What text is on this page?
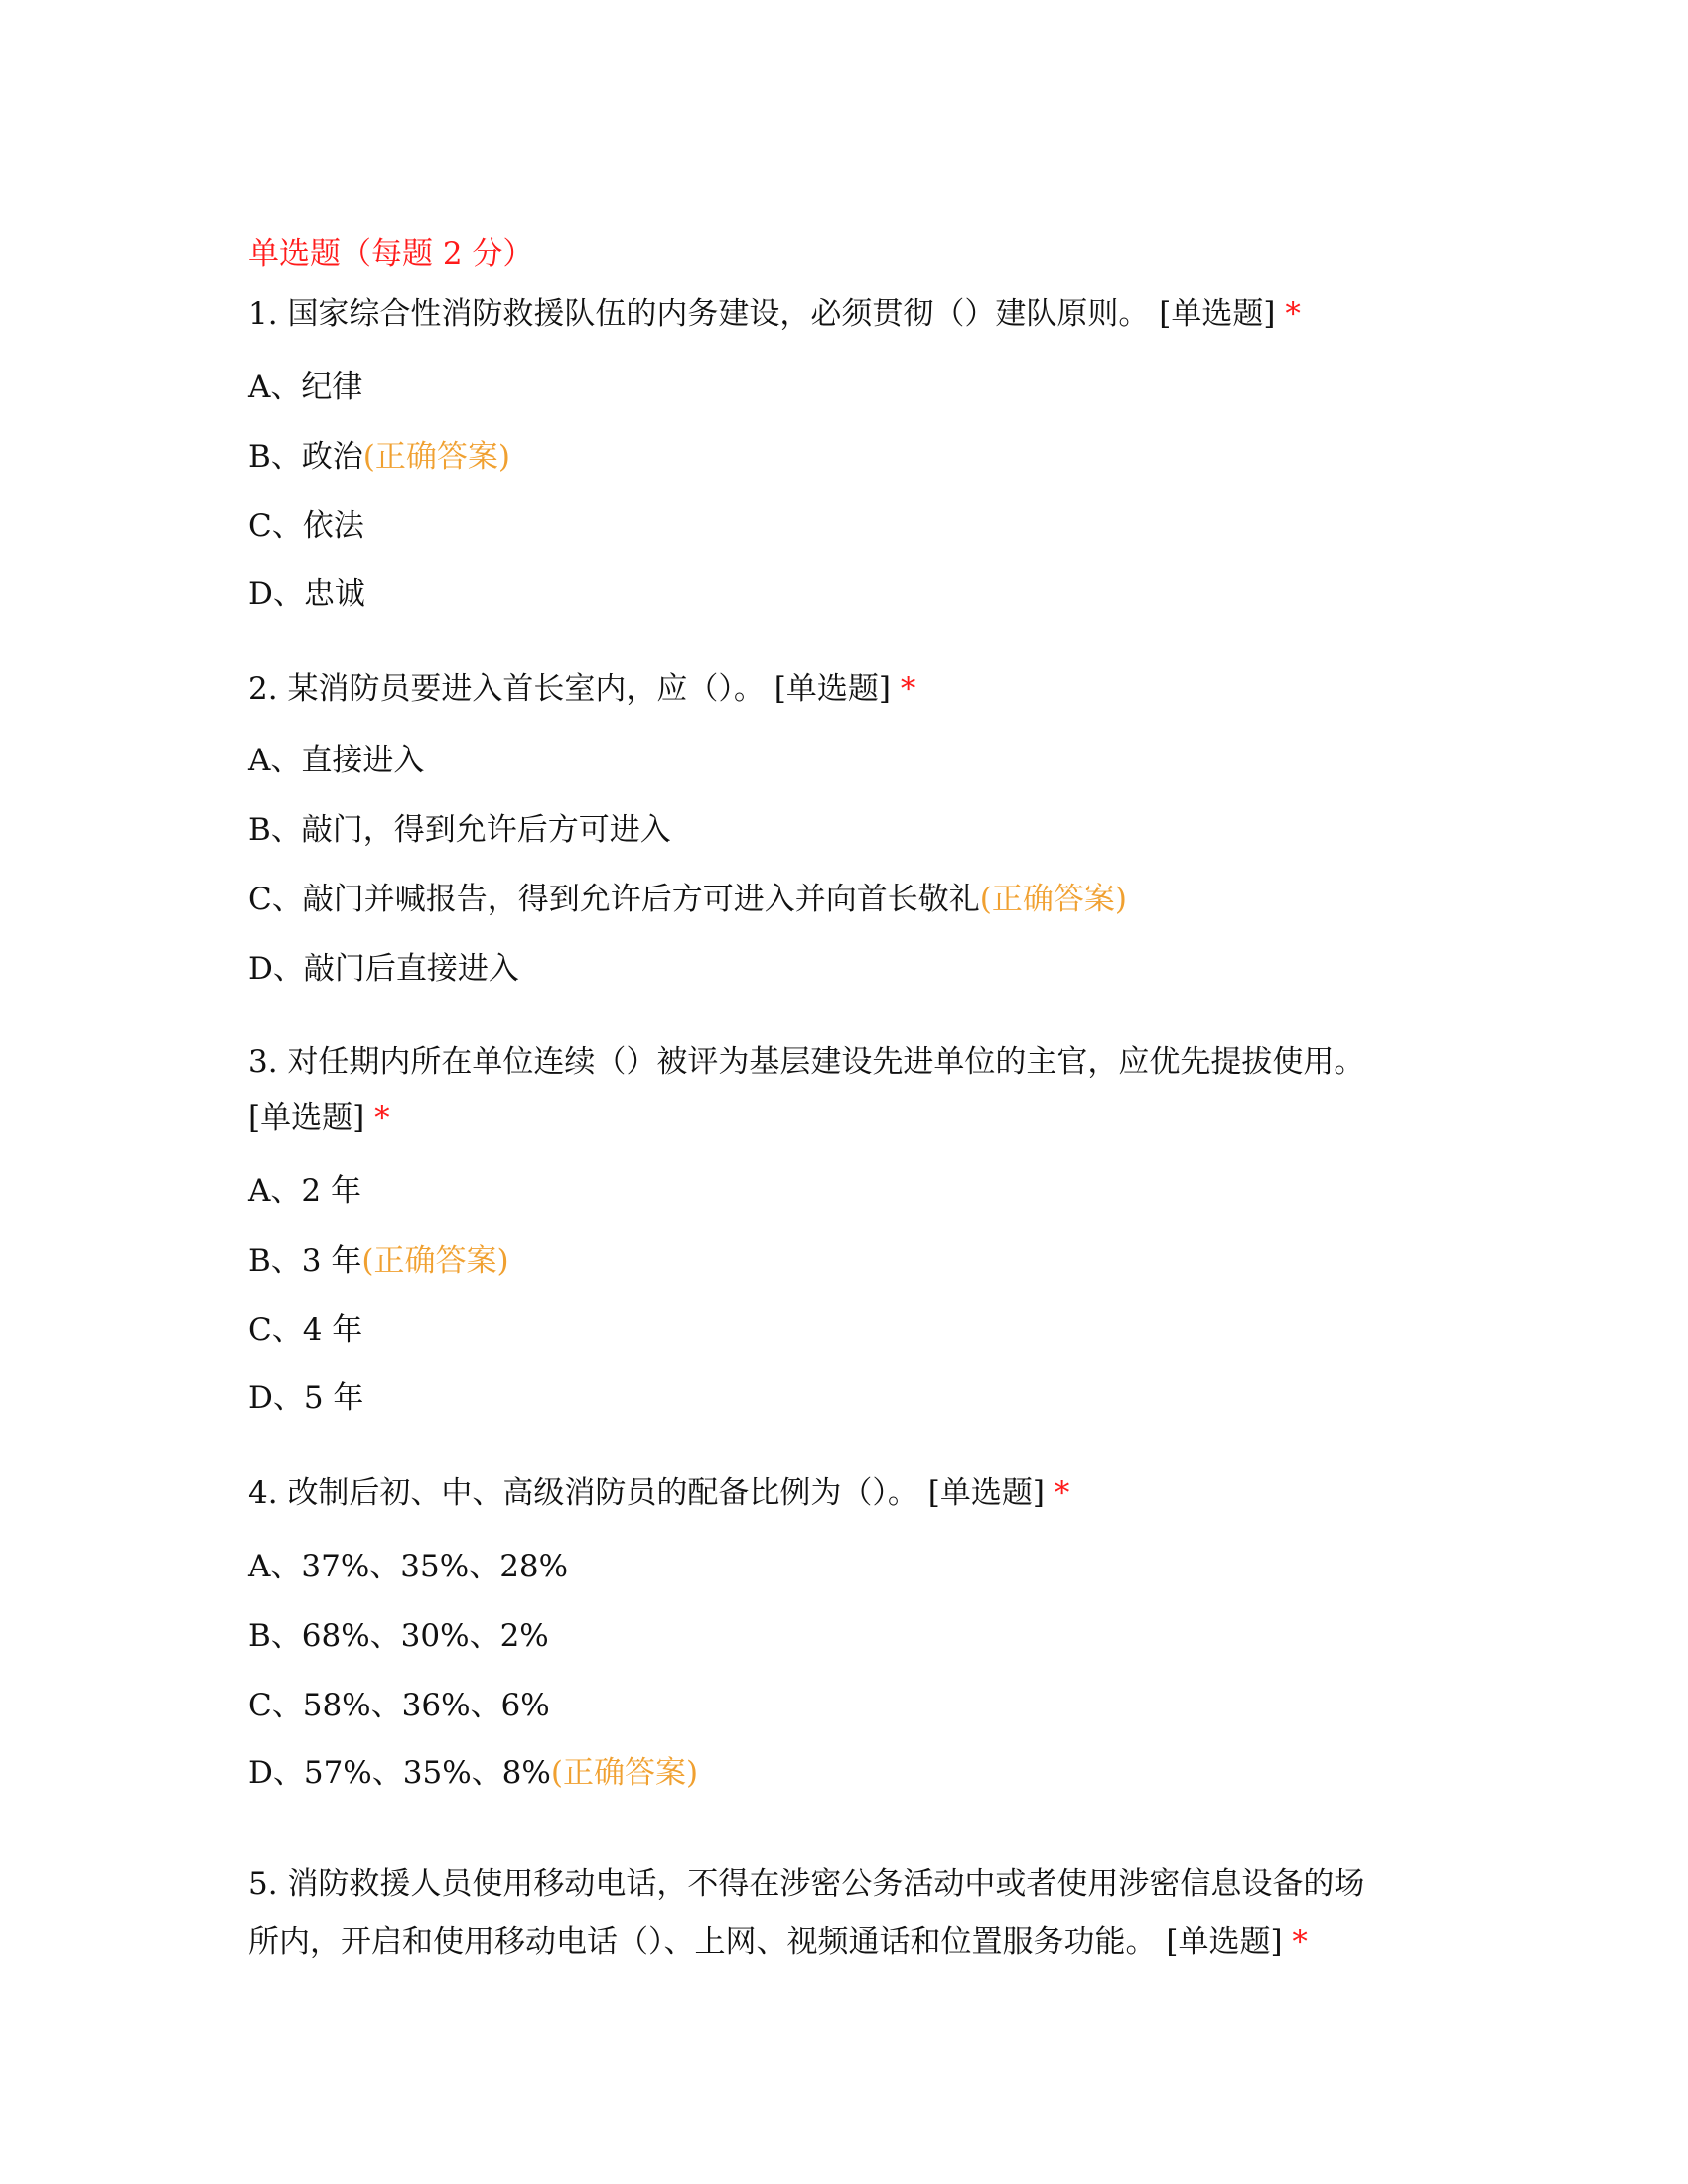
单选题（每题 2 分）
1. 国家综合性消防救援队伍的内务建设，必须贯彻（）建队原则。 [单选题] *
A、纪律
B、政治(正确答案)
C、依法
D、忠诚
2. 某消防员要进入首长室内，应（）。 [单选题] *
A、直接进入
B、敲门，得到允许后方可进入
C、敲门并喊报告，得到允许后方可进入并向首长敬礼(正确答案)
D、敲门后直接进入
3. 对任期内所在单位连续（）被评为基层建设先进单位的主官，应优先提拔使用。
[单选题] *
A、2 年
B、3 年(正确答案)
C、4 年
D、5 年
4. 改制后初、中、高级消防员的配备比例为（）。 [单选题] *
A、37%、35%、28%
B、68%、30%、2%
C、58%、36%、6%
D、57%、35%、8%(正确答案)
5. 消防救援人员使用移动电话，不得在涉密公务活动中或者使用涉密信息设备的场
所内，开启和使用移动电话（）、上网、视频通话和位置服务功能。 [单选题] *
